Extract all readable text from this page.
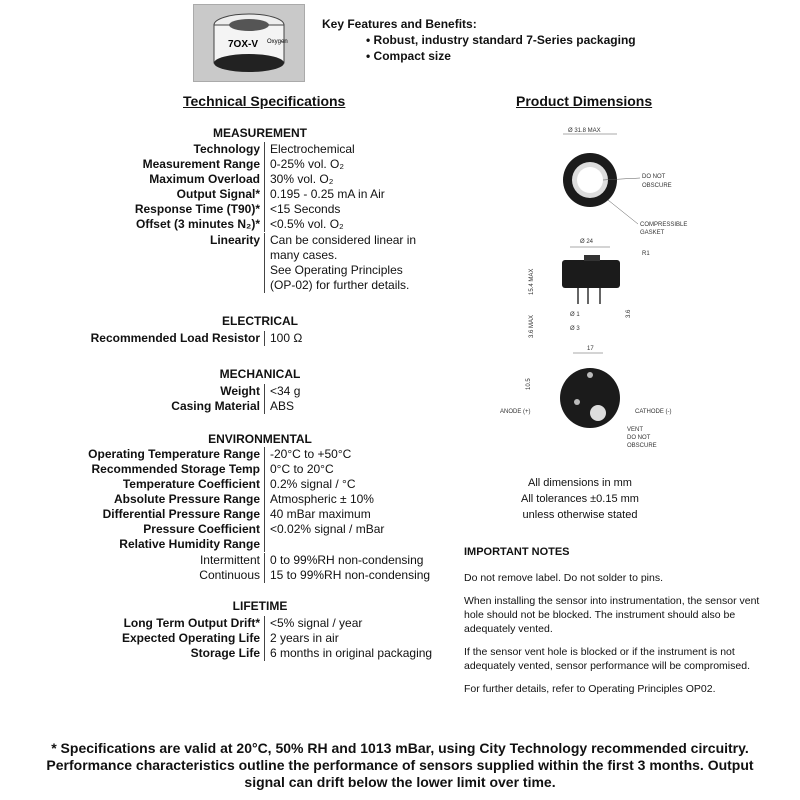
7OX-V Oxygen
Key Features and Benefits:
• Robust, industry standard 7-Series packaging
• Compact size
Technical Specifications	Product Dimensions
MEASUREMENT
Technology Electrochemical
Measurement Range 0-25% vol. O₂
Maximum Overload 30% vol. O₂
Output Signal* 0.195 - 0.25 mA in Air
Response Time (T90)* <15 Seconds
Offset (3 minutes N₂)* <0.5% vol. O₂
Linearity Can be considered linear in
many cases.
See Operating Principles
(OP-02) for further details.
ELECTRICAL
Recommended Load Resistor 100 Ω
MECHANICAL
Weight <34 g
Casing Material ABS
ENVIRONMENTAL
Operating Temperature Range -20°C to +50°C
Recommended Storage Temp 0°C to 20°C
Temperature Coefficient 0.2% signal / °C
Absolute Pressure Range Atmospheric ± 10%
Differential Pressure Range 40 mBar maximum
Pressure Coefficient <0.02% signal / mBar
Relative Humidity Range

Intermittent 0 to 99%RH non-condensing
Continuous 15 to 99%RH non-condensing
LIFETIME
Long Term Output Drift* <5% signal / year
Expected Operating Life 2 years in air
Storage Life 6 months in original packaging
Ø 31.8 MAX
DO NOT
OBSCURE
COMPRESSIBLE
GASKET
Ø 24
R1
15.4 MAX
3.6 MAX	Ø 1
Ø 3
3.6
17
10.5
ANODE (+)	CATHODE (-)
VENT
DO NOT
OBSCURE
All dimensions in mm
All tolerances ±0.15 mm
unless otherwise stated
IMPORTANT NOTES
Do not remove label. Do not solder to pins.
When installing the sensor into instrumentation, the sensor vent hole should not be blocked. The instrument should also be adequately vented.
If the sensor vent hole is blocked or if the instrument is not adequately vented, sensor performance will be compromised.
For further details, refer to Operating Principles OP02.
* Specifications are valid at 20°C, 50% RH and 1013 mBar, using City Technology recommended circuitry. Performance characteristics outline the performance of sensors supplied within the first 3 months. Output signal can drift below the lower limit over time.
